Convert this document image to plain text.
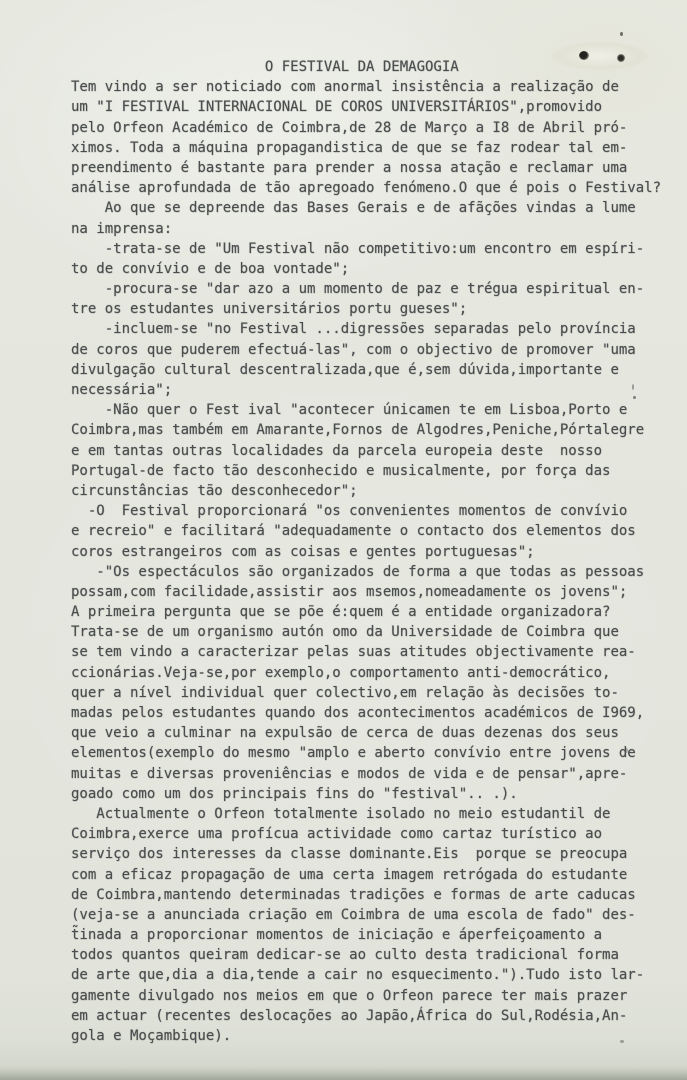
O FESTIVAL DA DEMAGOGIA
Tem vindo a ser noticiado com anormal insistência a realização de
um "I FESTIVAL INTERNACIONAL DE COROS UNIVERSITÁRIOS",promovido
pelo Orfeon Académico de Coimbra,de 28 de Março a I8 de Abril pró-
ximos. Toda a máquina propagandistica de que se faz rodear tal em-
preendimento é bastante para prender a nossa atação e reclamar uma
análise aprofundada de tão apregoado fenómeno.O que é pois o Festival?
Ao que se depreende das Bases Gerais e de afãções vindas a lume
na imprensa:
-trata-se de "Um Festival não competitivo:um encontro em espíri-
to de convívio e de boa vontade";
-procura-se "dar azo a um momento de paz e trégua espiritual en-
tre os estudantes universitários portu gueses";
-incluem-se "no Festival ...digressões separadas pelo província
de coros que puderem efectuá-las", com o objectivo de promover "uma
divulgação cultural descentralizada,que é,sem dúvida,importante e
necessária";
-Não quer o Fest ival "acontecer únicamen te em Lisboa,Porto e
Coimbra,mas também em Amarante,Fornos de Algodres,Peniche,Pórtalegre
e em tantas outras localidades da parcela europeia deste  nosso
Portugal-de facto tão desconhecido e musicalmente, por força das
circunstâncias tão desconhecedor";
-O  Festival proporcionará "os convenientes momentos de convívio
e recreio" e facilitará "adequadamente o contacto dos elementos dos
coros estrangeiros com as coisas e gentes portuguesas";
-"Os espectáculos são organizados de forma a que todas as pessoas
possam,com facilidade,assistir aos msemos,nomeadamente os jovens";
A primeira pergunta que se põe é:quem é a entidade organizadora?
Trata-se de um organismo autón omo da Universidade de Coimbra que
se tem vindo a caracterizar pelas suas atitudes objectivamente rea-
ccionárias.Veja-se,por exemplo,o comportamento anti-democrático,
quer a nível individual quer colectivo,em relação às decisões to-
madas pelos estudantes quando dos acontecimentos académicos de I969,
que veio a culminar na expulsão de cerca de duas dezenas dos seus
elementos(exemplo do mesmo "amplo e aberto convívio entre jovens de
muitas e diversas proveniências e modos de vida e de pensar",apre-
goado como um dos principais fins do "festival".. .).
Actualmente o Orfeon totalmente isolado no meio estudantil de
Coimbra,exerce uma profícua actividade como cartaz turístico ao
serviço dos interesses da classe dominante.Eis  porque se preocupa
com a eficaz propagação de uma certa imagem retrógada do estudante
de Coimbra,mantendo determinadas tradições e formas de arte caducas
(veja-se a anunciada criação em Coimbra de uma escola de fado" des-
t̃inada a proporcionar momentos de iniciação e áperfeiçoamento a
todos quantos queiram dedicar-se ao culto desta tradicional forma
de arte que,dia a dia,tende a cair no esquecimento.").Tudo isto lar-
gamente divulgado nos meios em que o Orfeon parece ter mais prazer
em actuar (recentes deslocações ao Japão,África do Sul,Rodésia,An-
gola e Moçambique).
